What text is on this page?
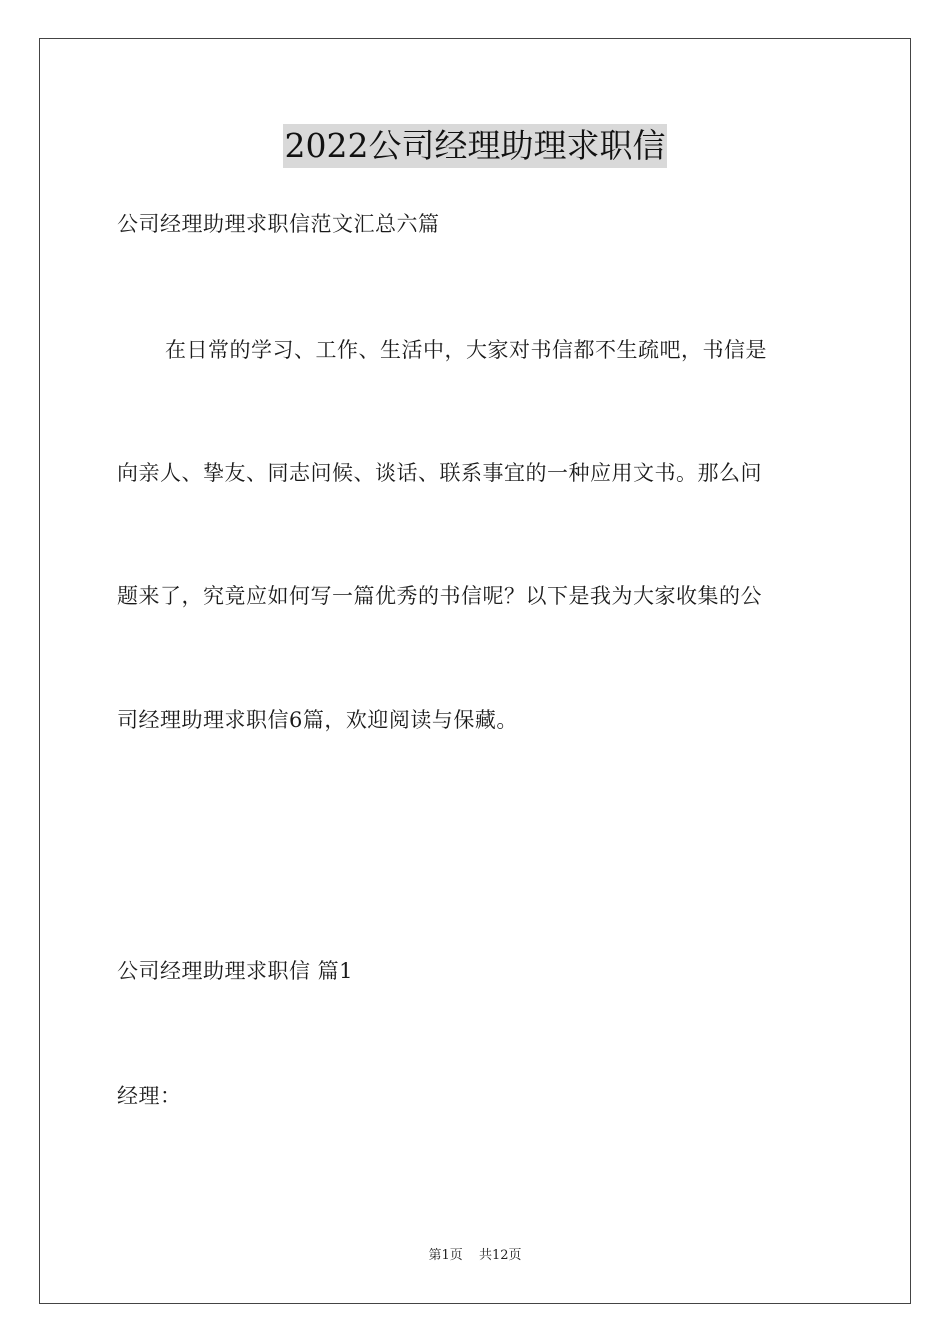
2022公司经理助理求职信
公司经理助理求职信范文汇总六篇
在日常的学习、工作、生活中，大家对书信都不生疏吧，书信是
向亲人、挚友、同志问候、谈话、联系事宜的一种应用文书。那么问
题来了，究竟应如何写一篇优秀的书信呢？以下是我为大家收集的公
司经理助理求职信6篇，欢迎阅读与保藏。
公司经理助理求职信 篇1
经理：
第1页 共12页
